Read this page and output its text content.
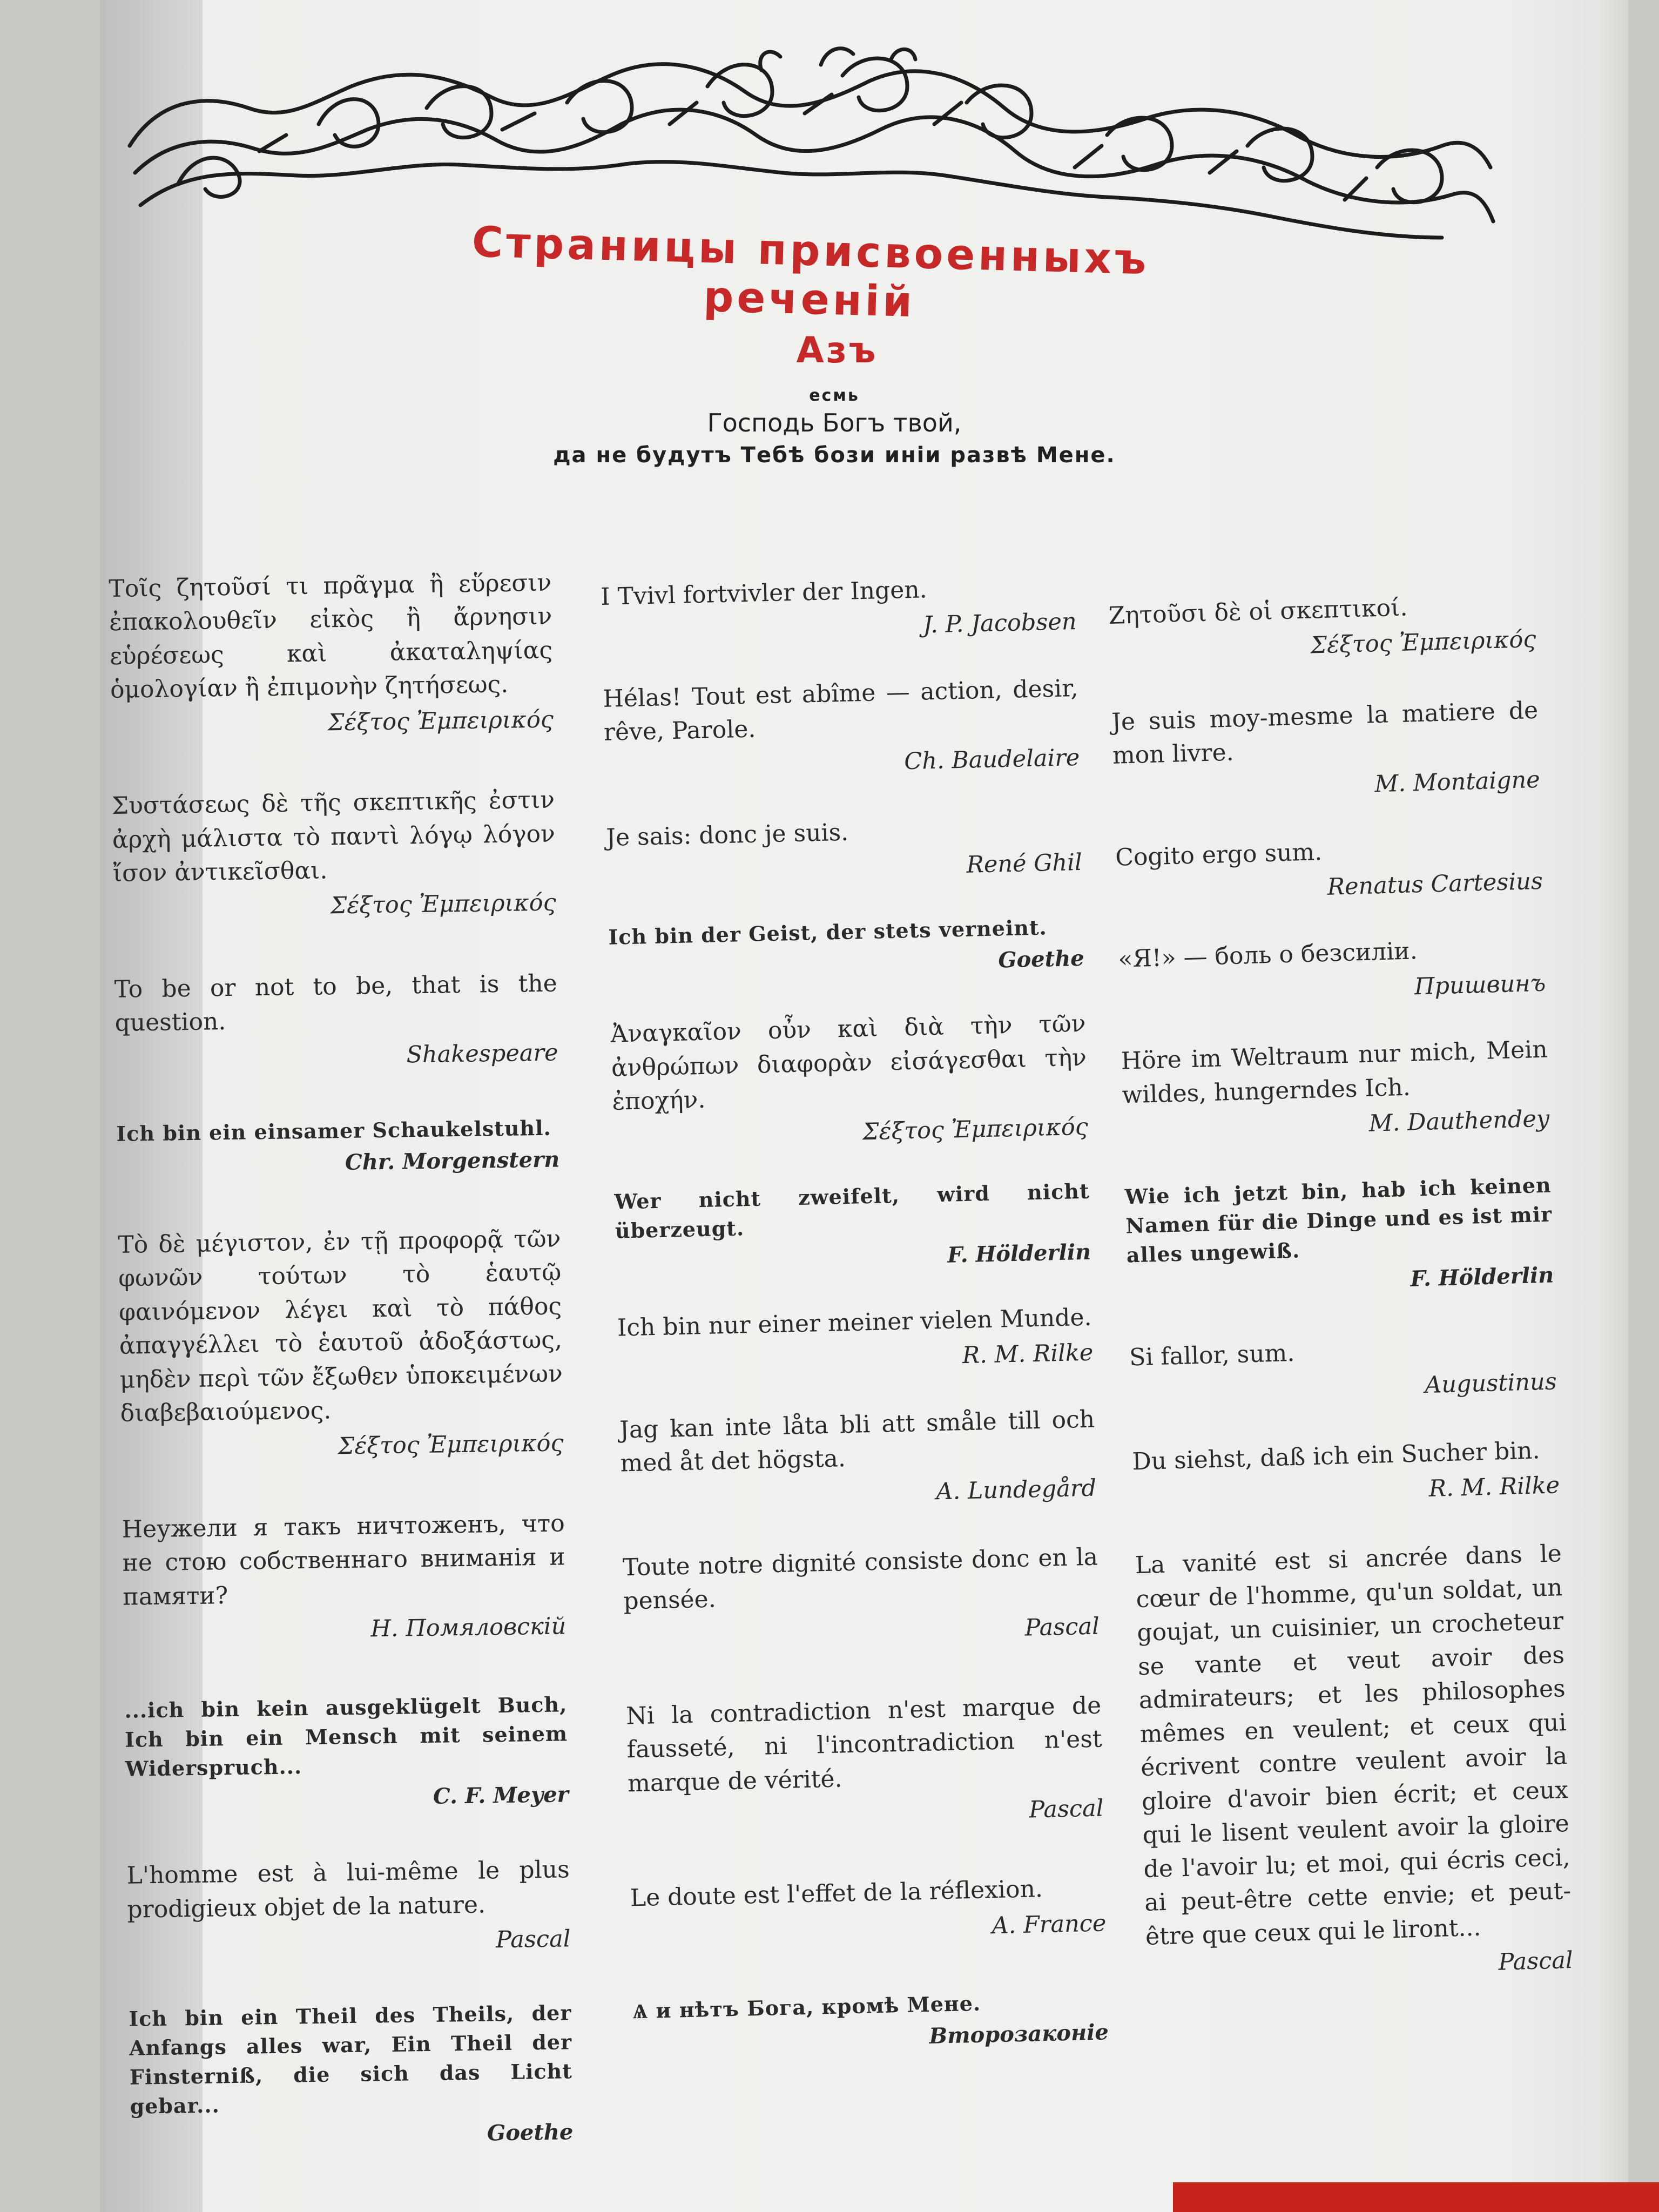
Страницы присвоенныхъ реченій
Азъ
есмь
Господь Богъ твой,
да не будутъ Тебѣ бози иніи развѣ Мене.
Τοῖς ζητοῦσί τι πρᾶγμα ἢ εὕρεσιν ἐπακολουθεῖν εἰκὸς ἢ ἄρνησιν εὑρέσεως καὶ ἀκαταληψίας ὁμολογίαν ἢ ἐπιμονὴν ζητήσεως.
Σέξτος Ἐμπειρικός
Συστάσεως δὲ τῆς σκεπτικῆς ἐστιν ἀρχὴ μάλιστα τὸ παντὶ λόγῳ λόγον ἴσον ἀντικεῖσθαι.
Σέξτος Ἐμπειρικός
To be or not to be, that is the question.
Shakespeare
Ich bin ein einsamer Schaukelstuhl.
Chr. Morgenstern
Τὸ δὲ μέγιστον, ἐν τῇ προφορᾷ τῶν φωνῶν τούτων τὸ ἑαυτῷ φαινόμενον λέγει καὶ τὸ πάθος ἀπαγγέλλει τὸ ἑαυτοῦ ἀδοξάστως, μηδὲν περὶ τῶν ἔξωθεν ὑποκειμένων διαβεβαιούμενος.
Σέξτος Ἐμπειρικός
Неужели я такъ ничтоженъ, что не стою собственнаго вниманія и памяти?
Н. Помяловскій
...ich bin kein ausgeklügelt Buch, Ich bin ein Mensch mit seinem Widerspruch...
C. F. Meyer
L'homme est à lui-même le plus prodigieux objet de la nature.
Pascal
Ich bin ein Theil des Theils, der Anfangs alles war, Ein Theil der Finsterniß, die sich das Licht gebar...
Goethe
I Tvivl fortvivler der Ingen.
J. P. Jacobsen
Hélas! Tout est abîme — action, desir, rêve, Parole.
Ch. Baudelaire
Je sais: donc je suis.
René Ghil
Ich bin der Geist, der stets verneint.
Goethe
Ἀναγκαῖον οὖν καὶ διὰ τὴν τῶν ἀνθρώπων διαφορὰν εἰσάγεσθαι τὴν ἐποχήν.
Σέξτος Ἐμπειρικός
Wer nicht zweifelt, wird nicht überzeugt.
F. Hölderlin
Ich bin nur einer meiner vielen Munde.
R. M. Rilke
Jag kan inte låta bli att småle till och med åt det högsta.
A. Lundegård
Toute notre dignité consiste donc en la pensée.
Pascal
Ni la contradiction n'est marque de fausseté, ni l'incontradiction n'est marque de vérité.
Pascal
Le doute est l'effet de la réflexion.
A. France
Ѧ и нѣтъ Бога, кромѣ Мене.
Второзаконіе
Ζητοῦσι δὲ οἱ σκεπτικοί.
Σέξτος Ἐμπειρικός
Je suis moy-mesme la matiere de mon livre.
M. Montaigne
Cogito ergo sum.
Renatus Cartesius
«Я!» — боль о безсиліи.
Пришвинъ
Höre im Weltraum nur mich, Mein wildes, hungerndes Ich.
M. Dauthendey
Wie ich jetzt bin, hab ich keinen Namen für die Dinge und es ist mir alles ungewiß.
F. Hölderlin
Si fallor, sum.
Augustinus
Du siehst, daß ich ein Sucher bin.
R. M. Rilke
La vanité est si ancrée dans le cœur de l'homme, qu'un soldat, un goujat, un cuisinier, un crocheteur se vante et veut avoir des admirateurs; et les philosophes mêmes en veulent; et ceux qui écrivent contre veulent avoir la gloire d'avoir bien écrit; et ceux qui le lisent veulent avoir la gloire de l'avoir lu; et moi, qui écris ceci, ai peut-être cette envie; et peut-être que ceux qui le liront...
Pascal
